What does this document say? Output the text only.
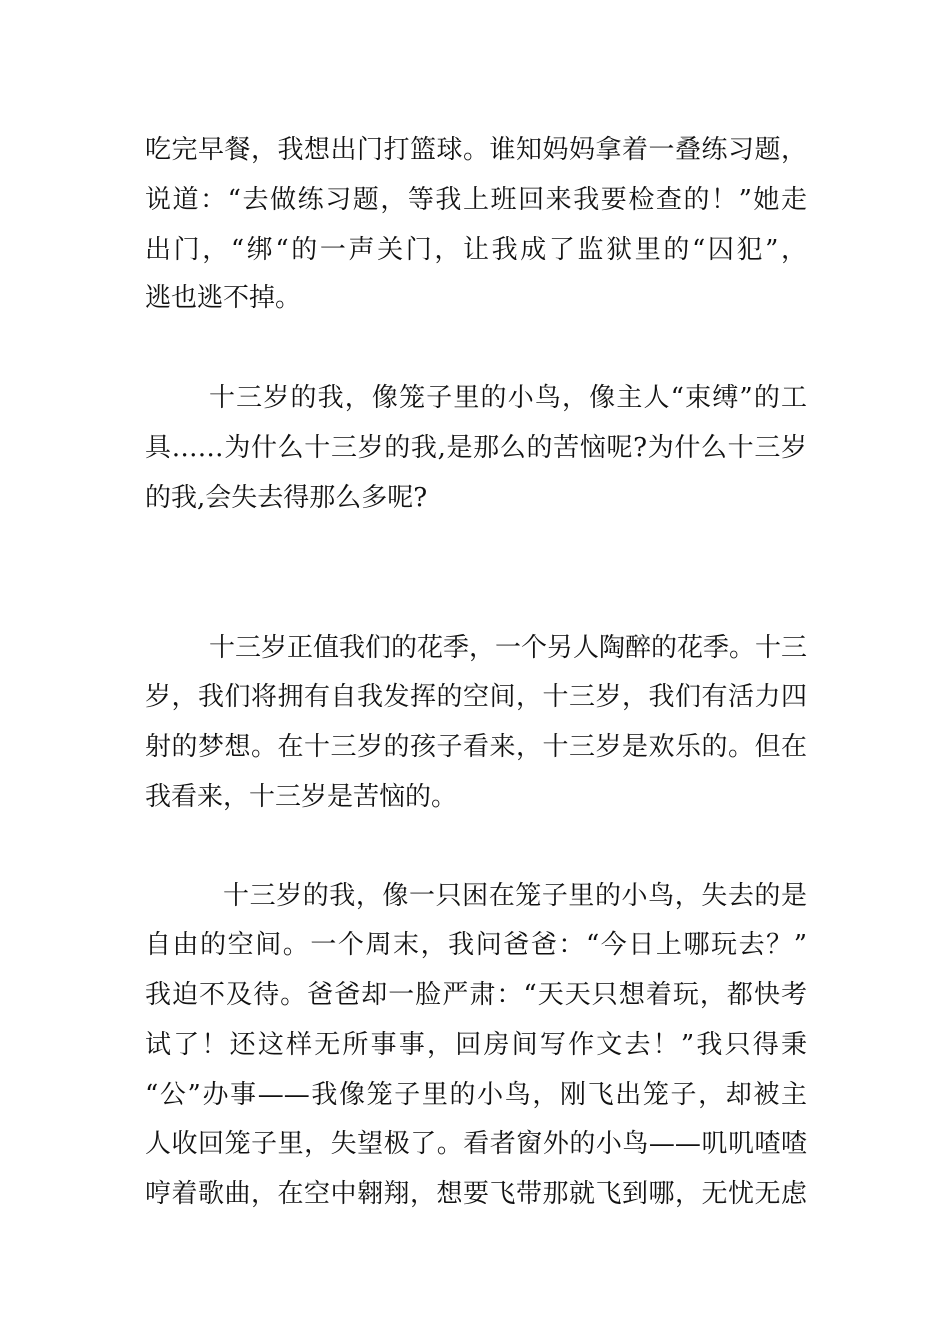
吃完早餐，我想出门打篮球。谁知妈妈拿着一叠练习题，

说道：“去做练习题，等我上班回来我要检查的！”她走

出门，“绑“的一声关门，让我成了监狱里的“囚犯”，

逃也逃不掉。

十三岁的我，像笼子里的小鸟，像主人“束缚”的工

具……为什么十三岁的我,是那么的苦恼呢?为什么十三岁

的我,会失去得那么多呢?

十三岁正值我们的花季，一个另人陶醉的花季。十三

岁，我们将拥有自我发挥的空间，十三岁，我们有活力四

射的梦想。在十三岁的孩子看来，十三岁是欢乐的。但在

我看来，十三岁是苦恼的。

十三岁的我，像一只困在笼子里的小鸟，失去的是

自由的空间。一个周末，我问爸爸：“今日上哪玩去？”

我迫不及待。爸爸却一脸严肃：“天天只想着玩，都快考

试了！还这样无所事事，回房间写作文去！”我只得秉

“公”办事——我像笼子里的小鸟，刚飞出笼子，却被主

人收回笼子里，失望极了。看者窗外的小鸟——叽叽喳喳

哼着歌曲，在空中翱翔，想要飞带那就飞到哪，无忧无虑
